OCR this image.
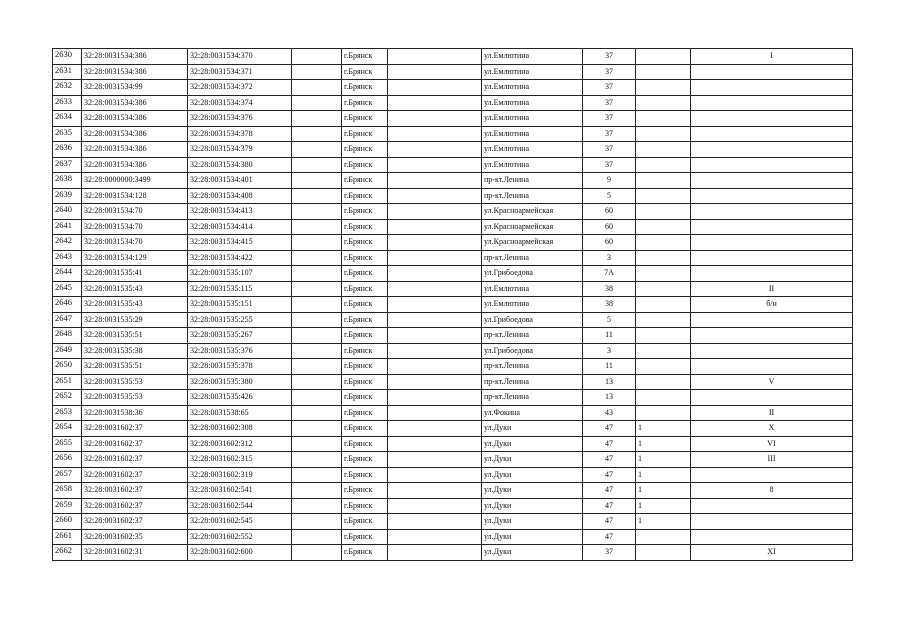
2630	32:28:0031534:386	32:28:0031534:370		г.Брянск		ул.Емлютина	37		I
2631	32:28:0031534:386	32:28:0031534:371		г.Брянск		ул.Емлютина	37		
2632	32:28:0031534:99	32:28:0031534:372		г.Брянск		ул.Емлютина	37		
2633	32:28:0031534:386	32:28:0031534:374		г.Брянск		ул.Емлютина	37		
2634	32:28:0031534:386	32:28:0031534:376		г.Брянск		ул.Емлютина	37		
2635	32:28:0031534:386	32:28:0031534:378		г.Брянск		ул.Емлютина	37		
2636	32:28:0031534:386	32:28:0031534:379		г.Брянск		ул.Емлютина	37		
2637	32:28:0031534:386	32:28:0031534:380		г.Брянск		ул.Емлютина	37		
2638	32:28:0000000:3499	32:28:0031534:401		г.Брянск		пр-кт.Ленина	9		
2639	32:28:0031534:128	32:28:0031534:408		г.Брянск		пр-кт.Ленина	5		
2640	32:28:0031534:70	32:28:0031534:413		г.Брянск		ул.Красноармейская	60		
2641	32:28:0031534:70	32:28:0031534:414		г.Брянск		ул.Красноармейская	60		
2642	32:28:0031534:70	32:28:0031534:415		г.Брянск		ул.Красноармейская	60		
2643	32:28:0031534:129	32:28:0031534:422		г.Брянск		пр-кт.Ленина	3		
2644	32:28:0031535:41	32:28:0031535:107		г.Брянск		ул.Грибоедова	7А		
2645	32:28:0031535:43	32:28:0031535:115		г.Брянск		ул.Емлютина	38		II
2646	32:28:0031535:43	32:28:0031535:151		г.Брянск		ул.Емлютина	38		б/н
2647	32:28:0031535:29	32:28:0031535:255		г.Брянск		ул.Грибоедова	5		
2648	32:28:0031535:51	32:28:0031535:267		г.Брянск		пр-кт.Ленина	11		
2649	32:28:0031535:38	32:28:0031535:376		г.Брянск		ул.Грибоедова	3		
2650	32:28:0031535:51	32:28:0031535:378		г.Брянск		пр-кт.Ленина	11		
2651	32:28:0031535:53	32:28:0031535:380		г.Брянск		пр-кт.Ленина	13		V
2652	32:28:0031535:53	32:28:0031535:426		г.Брянск		пр-кт.Ленина	13		
2653	32:28:0031538:36	32:28:0031538:65		г.Брянск		ул.Фокина	43		II
2654	32:28:0031602:37	32:28:0031602:308		г.Брянск		ул.Дуки	47	1	X
2655	32:28:0031602:37	32:28:0031602:312		г.Брянск		ул.Дуки	47	1	VI
2656	32:28:0031602:37	32:28:0031602:315		г.Брянск		ул.Дуки	47	1	III
2657	32:28:0031602:37	32:28:0031602:319		г.Брянск		ул.Дуки	47	1	
2658	32:28:0031602:37	32:28:0031602:541		г.Брянск		ул.Дуки	47	1	8
2659	32:28:0031602:37	32:28:0031602:544		г.Брянск		ул.Дуки	47	1	
2660	32:28:0031602:37	32:28:0031602:545		г.Брянск		ул.Дуки	47	1	
2661	32:28:0031602:35	32:28:0031602:552		г.Брянск		ул.Дуки	47		
2662	32:28:0031602:31	32:28:0031602:600		г.Брянск		ул.Дуки	37		XI
